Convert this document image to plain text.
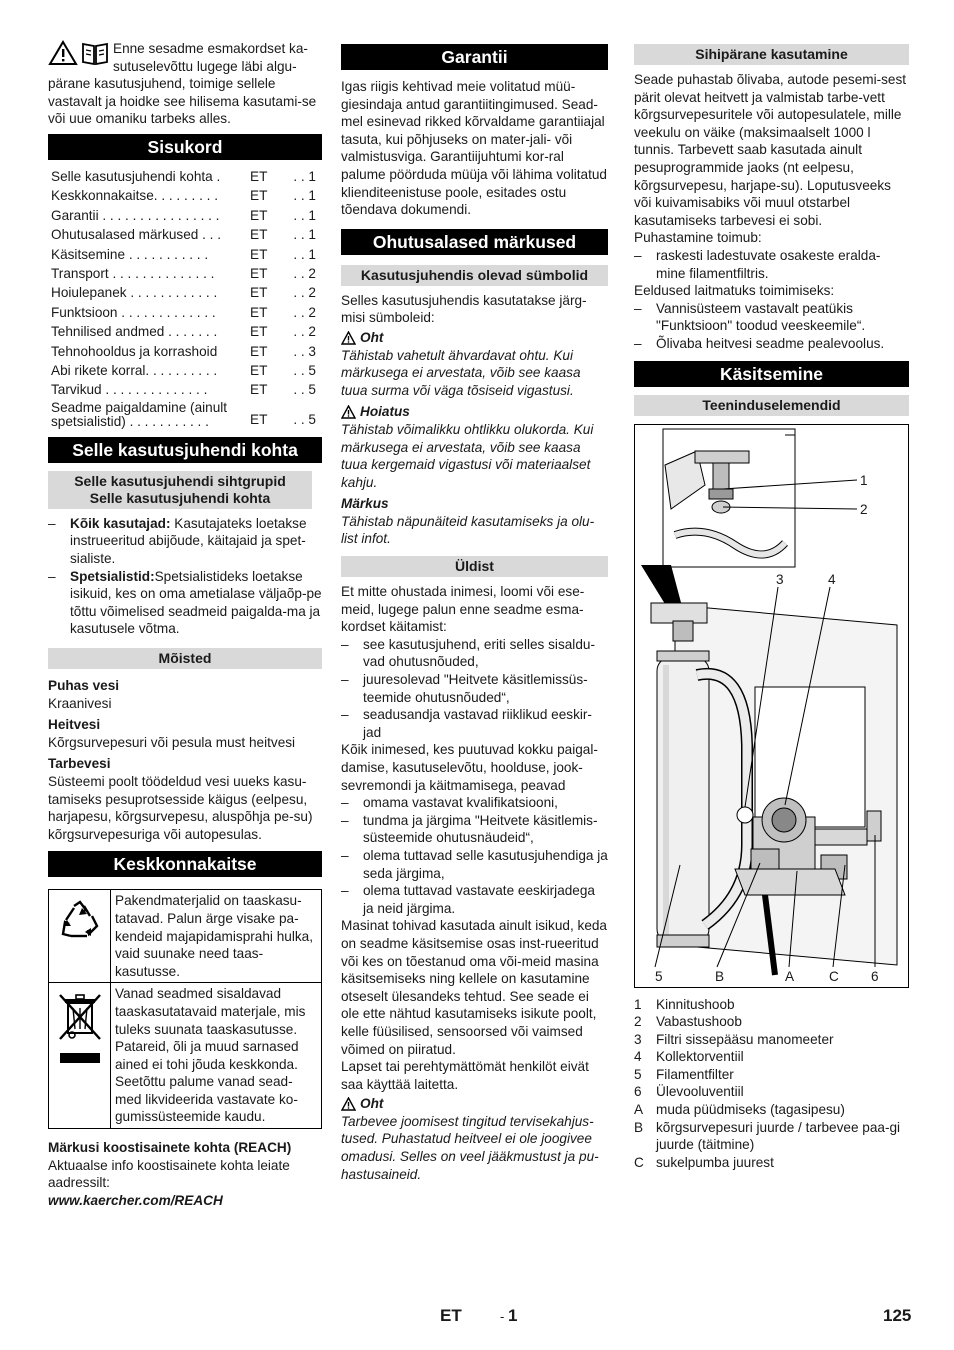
Enne sesadme esmakordset ka-

sutuselevõttu lugege läbi algu-

pärane kasutusjuhend, toimige sellele vastavalt ja hoidke see hilisema kasutami-se või uue omaniku tarbeks alles.

Sisukord
Selle kasutusjuhendi kohta .	ET	. . 1
Keskkonnakaitse. . . . . . . . .	ET	. . 1
Garantii . . . . . . . . . . . . . . . .	ET	. . 1
Ohutusalased märkused . . .	ET	. . 1
Käsitsemine . . . . . . . . . . .	ET	. . 1
Transport . . . . . . . . . . . . . .	ET	. . 2
Hoiulepanek . . . . . . . . . . . .	ET	. . 2
Funktsioon . . . . . . . . . . . . .	ET	. . 2
Tehnilised andmed . . . . . . .	ET	. . 2
Tehnohooldus ja korrashoid	ET	. . 3
Abi rikete korral. . . . . . . . . .	ET	. . 5
Tarvikud . . . . . . . . . . . . . .	ET	. . 5

Seadme paigaldamine (ainult
spetsialistid) . . . . . . . . . . .	ET	. . 5
Selle kasutusjuhendi kohta
Selle kasutusjuhendi sihtgrupid
Selle kasutusjuhendi kohta
– Kõik kasutajad: Kasutajateks loetakse instrueeritud abijõude, käitajaid ja spet-sialiste.
– Spetsialistid:Spetsialistideks loetakse isikuid, kes on oma ametialase väljaõp-pe tõttu võimelised seadmeid paigalda-ma ja kasutusele võtma.
Mõisted

Puhas vesi

Kraanivesi

Heitvesi

Kõrgsurvepesuri või pesula must heitvesi

Tarbevesi

Süsteemi poolt töödeldud vesi uueks kasu-tamiseks pesuprotsesside käigus (eelpesu, harjapesu, kõrgsurvepesu, aluspõhja pe-su) kõrgsurvepesuriga või autopesulas.

Keskkonnakaitse
	Pakendmaterjalid on taaskasu-tatavad. Palun ärge visake pa-kendeid majapidamisprahi hulka, vaid suunake need taas-kasutusse.
	Vanad seadmed sisaldavad taaskasutatavaid materjale, mis tuleks suunata taaskasutusse. Patareid, õli ja muud sarnased ained ei tohi jõuda keskkonda. Seetõttu palume vanad sead-med likvideerida vastavate ko-gumissüsteemide kaudu.

Märkusi koostisainete kohta (REACH)

Aktuaalse info koostisainete kohta leiate aadressilt:

www.kaercher.com/REACH

Garantii

Igas riigis kehtivad meie volitatud müü-giesindaja antud garantiitingimused. Sead-mel esinevad rikked kõrvaldame garantiiajal tasuta, kui põhjuseks on mater-jali- või valmistusviga. Garantiijuhtumi kor-ral palume pöörduda müüja või lähima volitatud klienditeenistuse poole, esitades ostu tõendava dokumendi.

Ohutusalased märkused
Kasutusjuhendis olevad sümbolid

Selles kasutusjuhendis kasutatakse järg-misi sümboleid:

Oht

Tähistab vahetult ähvardavat ohtu. Kui märkusega ei arvestata, võib see kaasa tuua surma või väga tõsiseid vigastusi.

Hoiatus

Tähistab võimalikku ohtlikku olukorda. Kui märkusega ei arvestata, võib see kaasa tuua kergemaid vigastusi või materiaalset kahju.

Märkus

Tähistab näpunäiteid kasutamiseks ja olu-list infot.

Üldist

Et mitte ohustada inimesi, loomi või ese-meid, lugege palun enne seadme esma-kordset käitamist:

– see kasutusjuhend, eriti selles sisaldu-vad ohutusnõuded,
– juuresolevad "Heitvete käsitlemissüs-teemide ohutusnõuded“,
– seadusandja vastavad riiklikud eeskir-jad

Kõik inimesed, kes puutuvad kokku paigal-damise, kasutuselevõtu, hoolduse, jook-sevremondi ja käitmamisega, peavad

– omama vastavat kvalifikatsiooni,
– tundma ja järgima "Heitvete käsitlemis-süsteemide ohutusnäudeid“,
– olema tuttavad selle kasutusjuhendiga ja seda järgima,
– olema tuttavad vastavate eeskirjadega ja neid järgima.

Masinat tohivad kasutada ainult isikud, keda on seadme käsitsemise osas inst-rueeritud või kes on tõestanud oma või-meid masina käsitsemiseks ning kellele on kasutamine otseselt ülesandeks tehtud. See seade ei ole ette nähtud kasutamiseks isikute poolt, kelle füüsilised, sensoorsed või vaimsed võimed on piiratud.

Lapset tai perehtymättömät henkilöt eivät saa käyttää laitetta.

Oht

Tarbevee joomisest tingitud tervisekahjus-tused. Puhastatud heitveel ei ole joogivee omadusi. Selles on veel jääkmustust ja pu-hastusaineid.

Sihipärane kasutamine

Seade puhastab õlivaba, autode pesemi-sest pärit olevat heitvett ja valmistab tarbe-vett kõrgsurvepesuritele või autopesulatele, mille veekulu on väike (maksimaalselt 1000 l tunnis. Tarbevett saab kasutada ainult pesuprogrammide jaoks (nt eelpesu, kõrgsurvepesu, harjape-su). Loputusveeks või kuivamisabiks või muul otstarbel kasutamiseks tarbevesi ei sobi.

Puhastamine toimub:

– raskesti ladestuvate osakeste eralda-mine filamentfiltris.

Eeldused laitmatuks toimimiseks:

– Vannisüsteem vastavalt peatükis "Funktsioon" toodud veeskeemile“.
– Õlivaba heitvesi seadme pealevoolus.
Käsitsemine
Teeninduselemendid
1
2
3	4
5	B	A	C 6
1	Kinnitushoob
2	Vabastushoob
3	Filtri sissepääsu manomeeter
4	Kollektorventiil
5	Filamentfilter
6	Ülevooluventiil
A muda püüdmiseks (tagasipesu)
B kõrgsurvepesuri juurde / tarbevee paa-gi juurde (täitmine)
C sukelpumba juurest
ET	- 1	125
